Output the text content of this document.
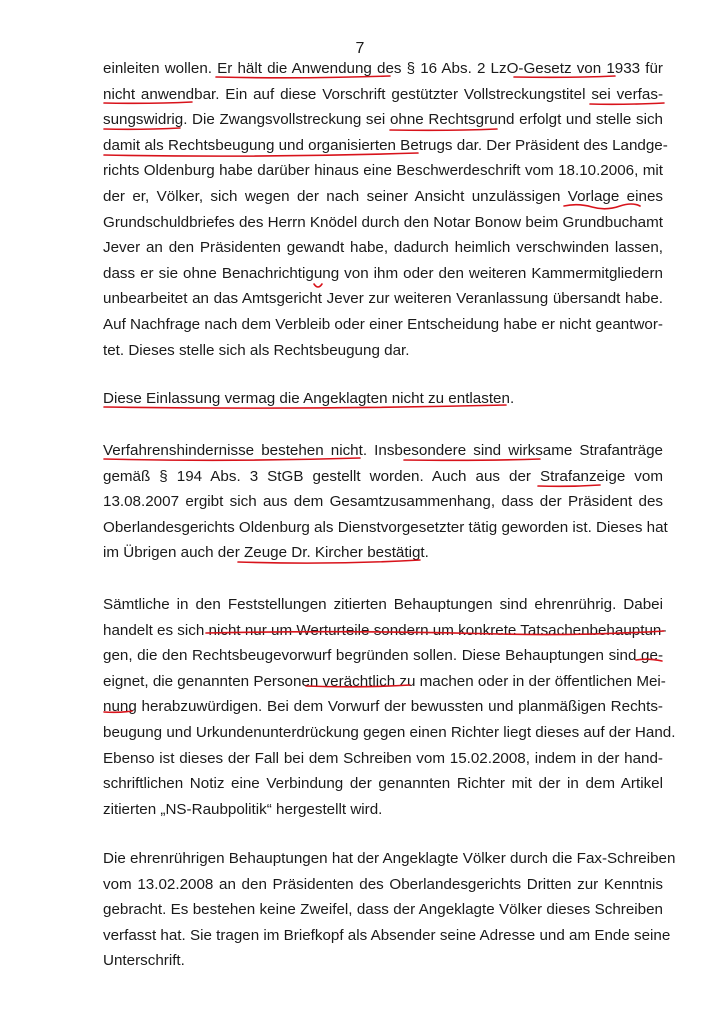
7
einleiten wollen. Er hält die Anwendung des § 16 Abs. 2 LzO-Gesetz von 1933 für
nicht anwendbar. Ein auf diese Vorschrift gestützter Vollstreckungstitel sei verfas-
sungswidrig. Die Zwangsvollstreckung sei ohne Rechtsgrund erfolgt und stelle sich
damit als Rechtsbeugung und organisierten Betrugs dar. Der Präsident des Landge-
richts Oldenburg habe darüber hinaus eine Beschwerdeschrift vom 18.10.2006, mit
der er, Völker, sich wegen der nach seiner Ansicht unzulässigen Vorlage eines
Grundschuldbriefes des Herrn Knödel durch den Notar Bonow beim Grundbuchamt
Jever an den Präsidenten gewandt habe, dadurch heimlich verschwinden lassen,
dass er sie ohne Benachrichtigung von ihm oder den weiteren Kammermitgliedern
unbearbeitet an das Amtsgericht Jever zur weiteren Veranlassung übersandt habe.
Auf Nachfrage nach dem Verbleib oder einer Entscheidung habe er nicht geantwor-
tet. Dieses stelle sich als Rechtsbeugung dar.
Diese Einlassung vermag die Angeklagten nicht zu entlasten.
Verfahrenshindernisse bestehen nicht. Insbesondere sind wirksame Strafanträge
gemäß § 194 Abs. 3 StGB gestellt worden. Auch aus der Strafanzeige vom
13.08.2007 ergibt sich aus dem Gesamtzusammenhang, dass der Präsident des
Oberlandesgerichts Oldenburg als Dienstvorgesetzter tätig geworden ist. Dieses hat
im Übrigen auch der Zeuge Dr. Kircher bestätigt.
Sämtliche in den Feststellungen zitierten Behauptungen sind ehrenrührig. Dabei
handelt es sich nicht nur um Werturteile sondern um konkrete Tatsachenbehauptun-
gen, die den Rechtsbeugevorwurf begründen sollen. Diese Behauptungen sind ge-
eignet, die genannten Personen verächtlich zu machen oder in der öffentlichen Mei-
nung herabzuwürdigen. Bei dem Vorwurf der bewussten und planmäßigen Rechts-
beugung und Urkundenunterdrückung gegen einen Richter liegt dieses auf der Hand.
Ebenso ist dieses der Fall bei dem Schreiben vom 15.02.2008, indem in der hand-
schriftlichen Notiz eine Verbindung der genannten Richter mit der in dem Artikel
zitierten „NS-Raubpolitik“ hergestellt wird.
Die ehrenrührigen Behauptungen hat der Angeklagte Völker durch die Fax-Schreiben
vom 13.02.2008 an den Präsidenten des Oberlandesgerichts Dritten zur Kenntnis
gebracht. Es bestehen keine Zweifel, dass der Angeklagte Völker dieses Schreiben
verfasst hat. Sie tragen im Briefkopf als Absender seine Adresse und am Ende seine
Unterschrift.
